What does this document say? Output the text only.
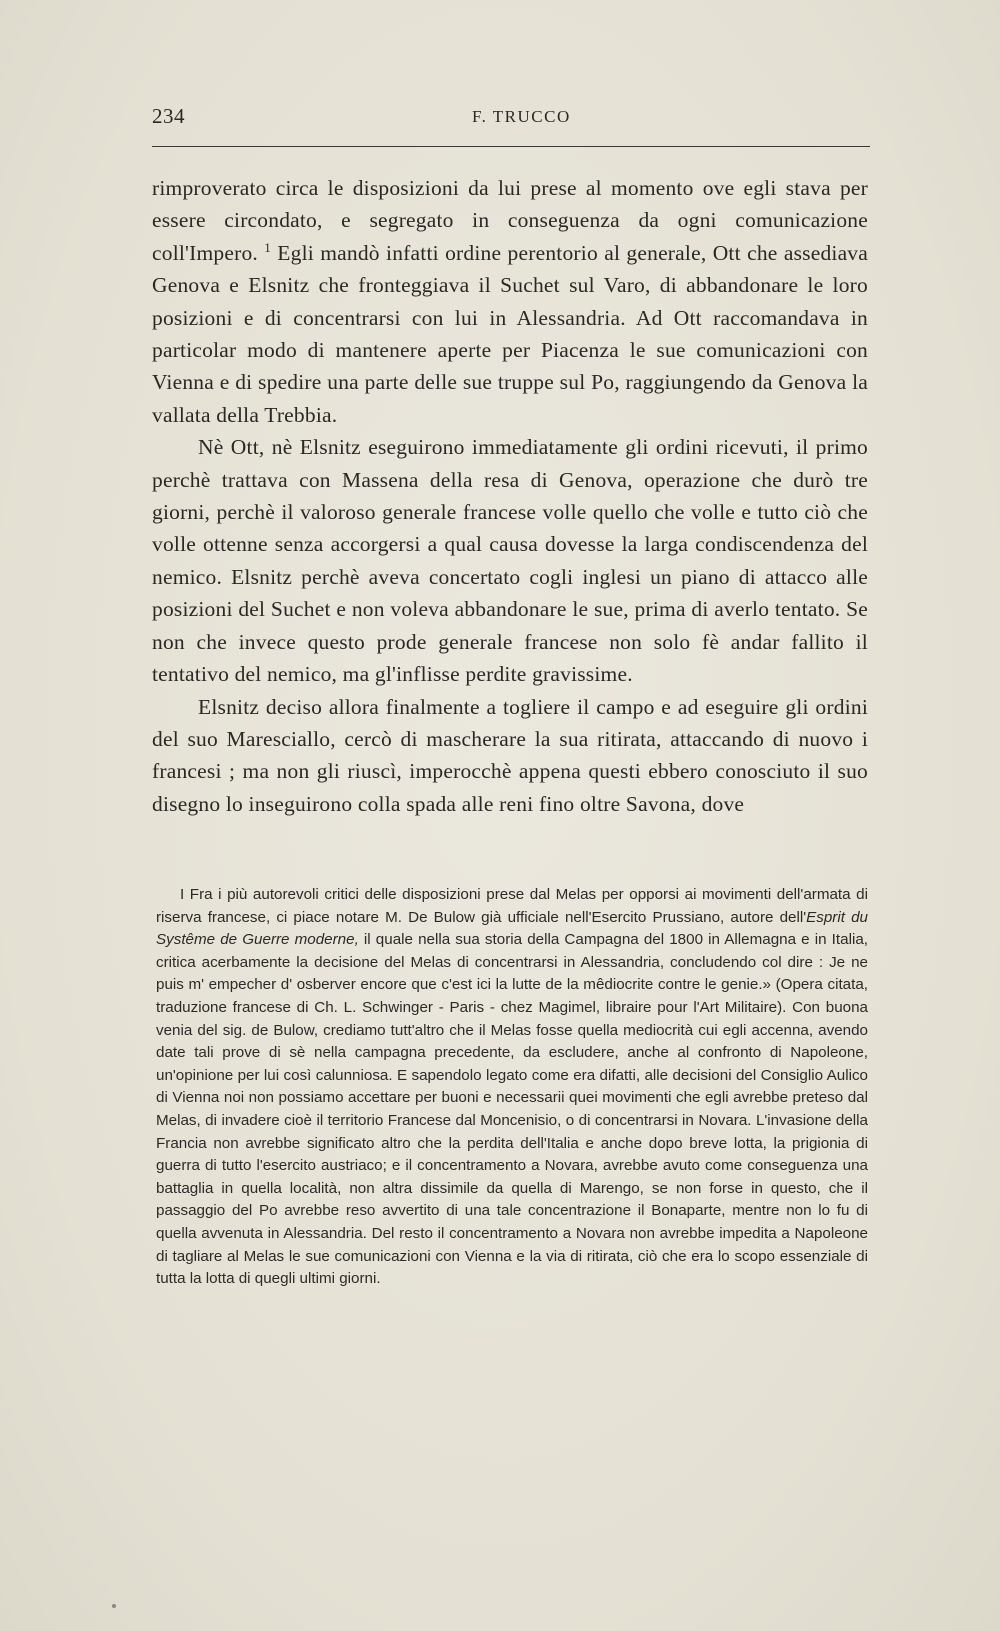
234	F. TRUCCO

rimproverato circa le disposizioni da lui prese al momento ove egli stava per essere circondato, e segregato in conseguenza da ogni comunicazione coll'Impero. $^1$ Egli mandò infatti ordine perentorio al generale, Ott che assediava Genova e Elsnitz che fronteggiava il Suchet sul Varo, di abbandonare le loro posizioni e di concentrarsi con lui in Alessandria. Ad Ott raccomandava in particolar modo di mantenere aperte per Piacenza le sue comunicazioni con Vienna e di spedire una parte delle sue truppe sul Po, raggiungendo da Genova la vallata della Trebbia.

Nè Ott, nè Elsnitz eseguirono immediatamente gli ordini ricevuti, il primo perchè trattava con Massena della resa di Genova, operazione che durò tre giorni, perchè il valoroso generale francese volle quello che volle e tutto ciò che volle ottenne senza accorgersi a qual causa dovesse la larga condiscendenza del nemico. Elsnitz perchè aveva concertato cogli inglesi un piano di attacco alle posizioni del Suchet e non voleva abbandonare le sue, prima di averlo tentato. Se non che invece questo prode generale francese non solo fè andar fallito il tentativo del nemico, ma gl'inflisse perdite gravissime.

Elsnitz deciso allora finalmente a togliere il campo e ad eseguire gli ordini del suo Maresciallo, cercò di mascherare la sua ritirata, attaccando di nuovo i francesi ; ma non gli riuscì, imperocchè appena questi ebbero conosciuto il suo disegno lo inseguirono colla spada alle reni fino oltre Savona, dove

I Fra i più autorevoli critici delle disposizioni prese dal Melas per opporsi ai movimenti dell'armata di riserva francese, ci piace notare M. De Bulow già ufficiale nell'Esercito Prussiano, autore dell'Esprit du Systême de Guerre moderne, il quale nella sua storia della Campagna del 1800 in Allemagna e in Italia, critica acerbamente la decisione del Melas di concentrarsi in Alessandria, concludendo col dire : Je ne puis m' empecher d' osberver encore que c'est ici la lutte de la mêdiocrite contre le genie.» (Opera citata, traduzione francese di Ch. L. Schwinger - Paris - chez Magimel, libraire pour l'Art Militaire). Con buona venia del sig. de Bulow, crediamo tutt'altro che il Melas fosse quella mediocrità cui egli accenna, avendo date tali prove di sè nella campagna precedente, da escludere, anche al confronto di Napoleone, un'opinione per lui così calunniosa. E sapendolo legato come era difatti, alle decisioni del Consiglio Aulico di Vienna noi non possiamo accettare per buoni e necessarii quei movimenti che egli avrebbe preteso dal Melas, di invadere cioè il territorio Francese dal Moncenisio, o di concentrarsi in Novara. L'invasione della Francia non avrebbe significato altro che la perdita dell'Italia e anche dopo breve lotta, la prigionia di guerra di tutto l'esercito austriaco; e il concentramento a Novara, avrebbe avuto come conseguenza una battaglia in quella località, non altra dissimile da quella di Marengo, se non forse in questo, che il passaggio del Po avrebbe reso avvertito di una tale concentrazione il Bonaparte, mentre non lo fu di quella avvenuta in Alessandria. Del resto il concentramento a Novara non avrebbe impedita a Napoleone di tagliare al Melas le sue comunicazioni con Vienna e la via di ritirata, ciò che era lo scopo essenziale di tutta la lotta di quegli ultimi giorni.
